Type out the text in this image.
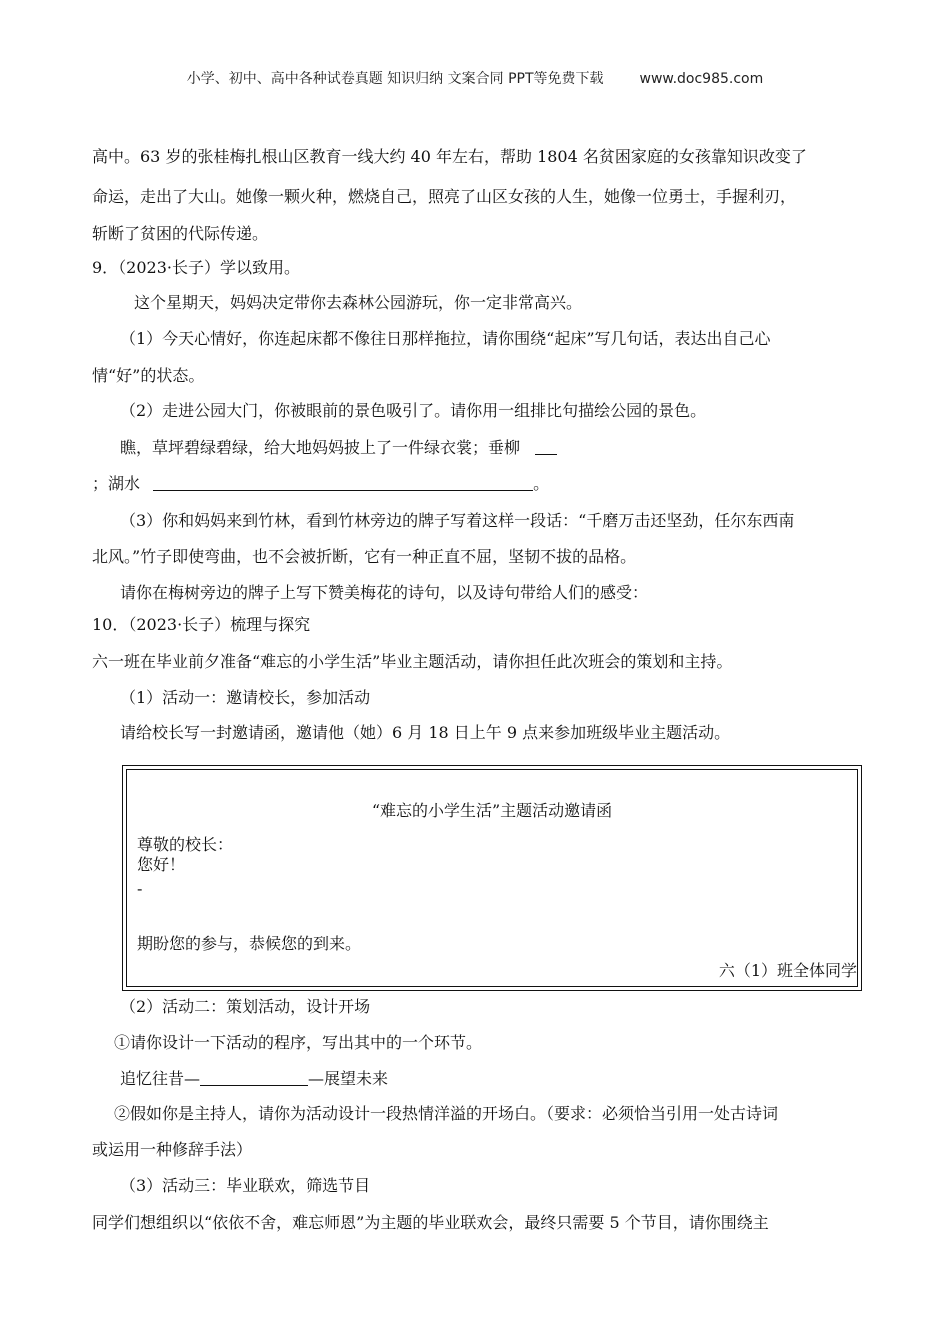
小学、初中、高中各种试卷真题 知识归纳 文案合同 PPT等免费下载	www.doc985.com
高中。63 岁的张桂梅扎根山区教育一线大约 40 年左右，帮助 1804 名贫困家庭的女孩靠知识改变了
命运，走出了大山。她像一颗火种，燃烧自己，照亮了山区女孩的人生，她像一位勇士，手握利刃，
斩断了贫困的代际传递。
9．（2023·长子）学以致用。
这个星期天，妈妈决定带你去森林公园游玩，你一定非常高兴。
（1）今天心情好，你连起床都不像往日那样拖拉，请你围绕“起床”写几句话，表达出自己心
情“好”的状态。
（2）走进公园大门，你被眼前的景色吸引了。请你用一组排比句描绘公园的景色。
瞧，草坪碧绿碧绿，给大地妈妈披上了一件绿衣裳；垂柳
；湖水	。
（3）你和妈妈来到竹林，看到竹林旁边的牌子写着这样一段话：“千磨万击还坚劲，任尔东西南
北风。”竹子即使弯曲，也不会被折断，它有一种正直不屈，坚韧不拔的品格。
请你在梅树旁边的牌子上写下赞美梅花的诗句，以及诗句带给人们的感受：
10．（2023·长子）梳理与探究
六一班在毕业前夕准备“难忘的小学生活”毕业主题活动，请你担任此次班会的策划和主持。
（1）活动一：邀请校长，参加活动
请给校长写一封邀请函，邀请他（她）6 月 18 日上午 9 点来参加班级毕业主题活动。
“难忘的小学生活”主题活动邀请函
尊敬的校长：
您好！
-
期盼您的参与，恭候您的到来。
六（1）班全体同学
（2）活动二：策划活动，设计开场
①请你设计一下活动的程序，写出其中的一个环节。
追忆往昔—	—展望未来
②假如你是主持人，请你为活动设计一段热情洋溢的开场白。（要求：必须恰当引用一处古诗词
或运用一种修辞手法）
（3）活动三：毕业联欢，筛选节目
同学们想组织以“依依不舍，难忘师恩”为主题的毕业联欢会，最终只需要 5 个节目，请你围绕主
